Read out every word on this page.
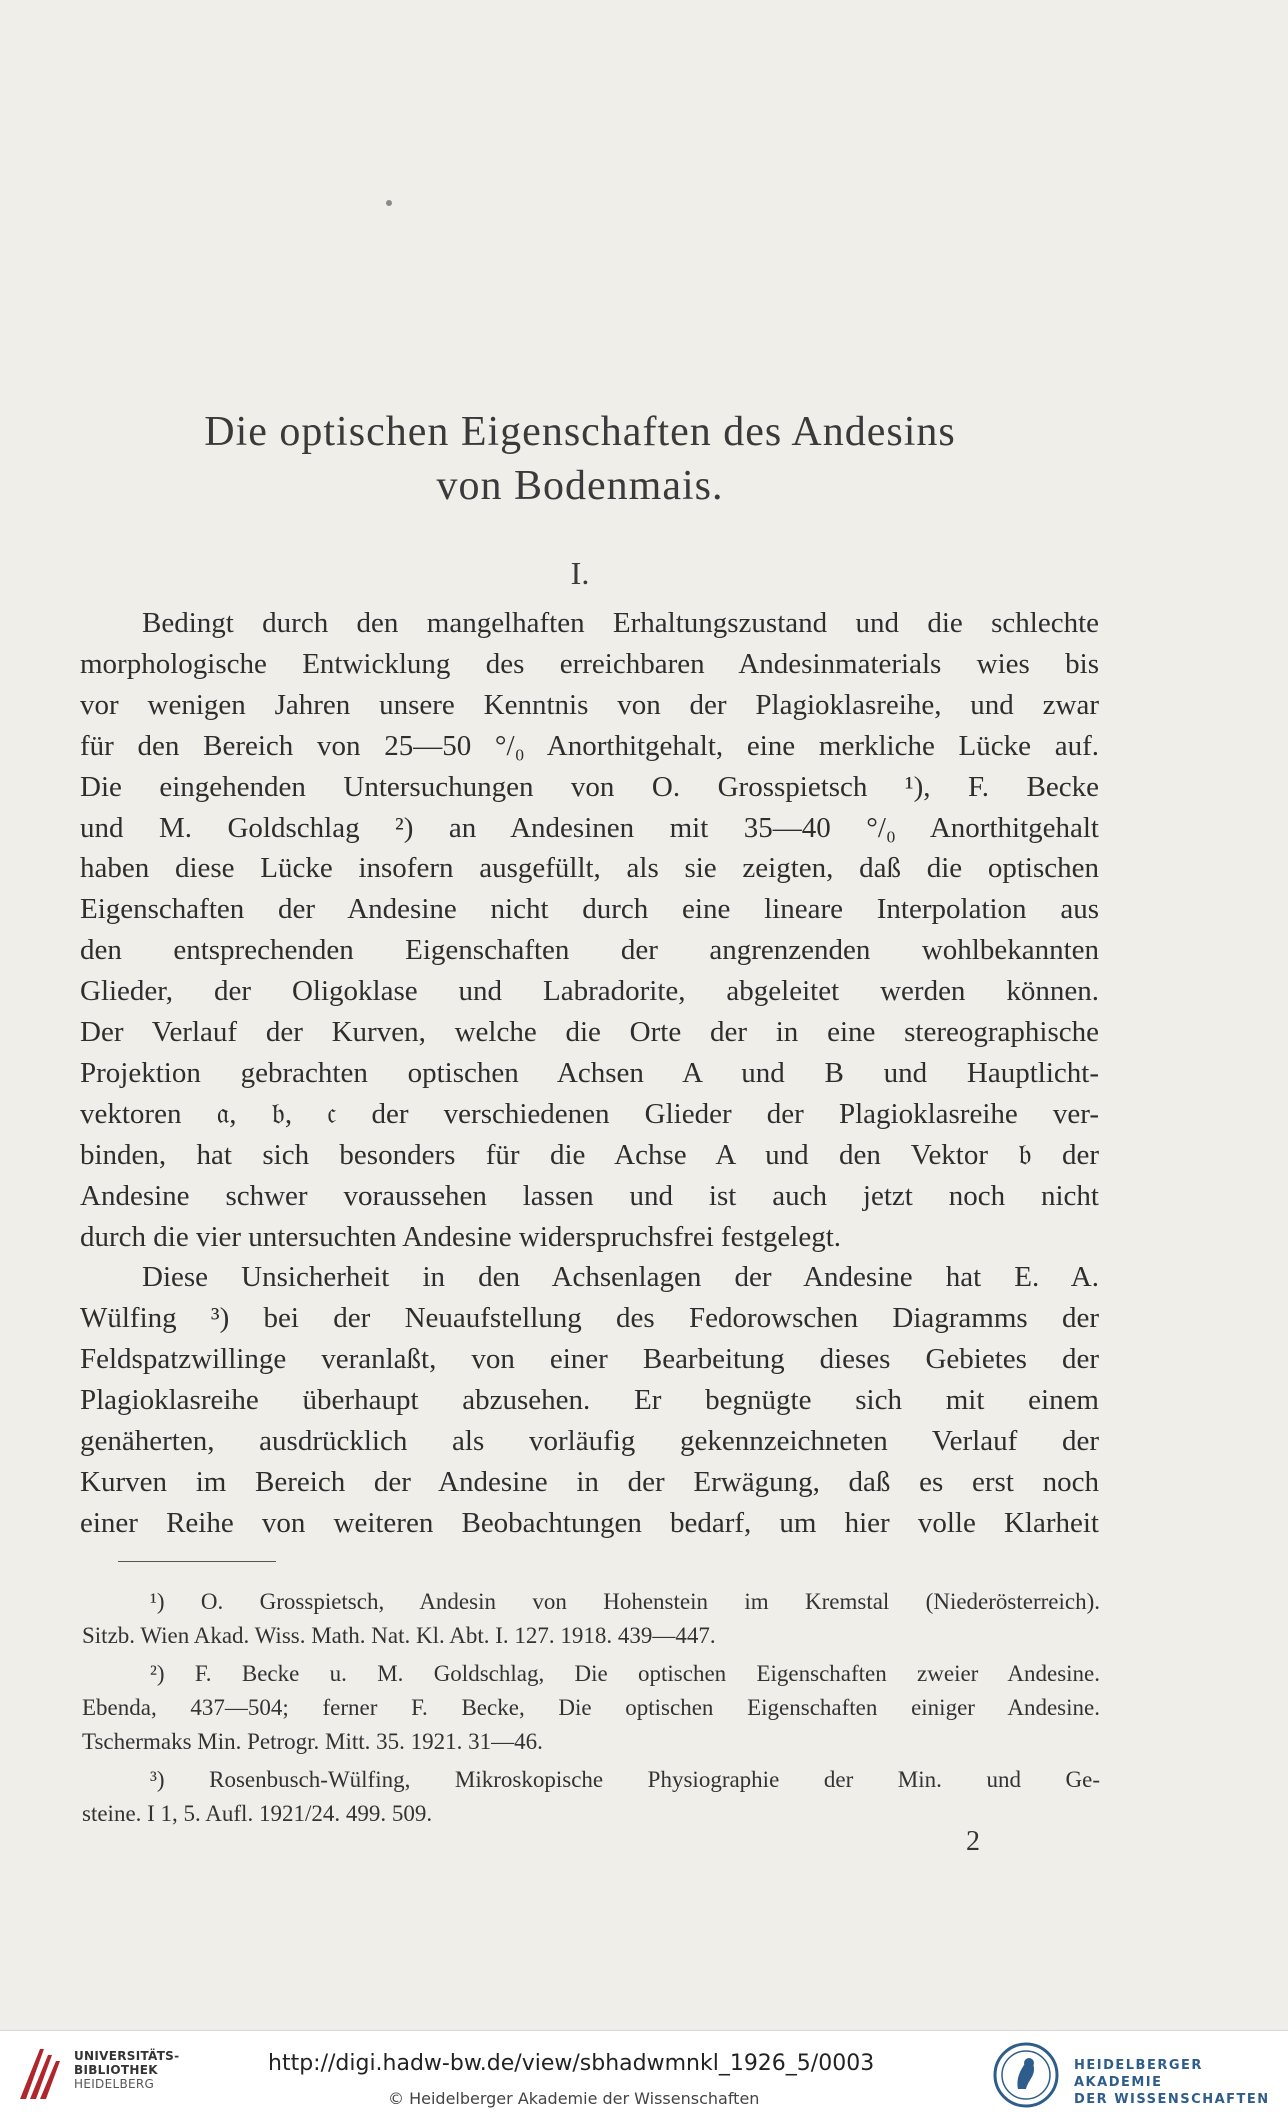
Die optischen Eigenschaften des Andesins
von Bodenmais.
I.
Bedingt durch den mangelhaften Erhaltungszustand und die schlechte
morphologische Entwicklung des erreichbaren Andesinmaterials wies bis
vor wenigen Jahren unsere Kenntnis von der Plagioklasreihe, und zwar
für den Bereich von 25—50 °/₀ Anorthitgehalt, eine merkliche Lücke auf.
Die eingehenden Untersuchungen von O. Grosspietsch ¹), F. Becke
und M. Goldschlag ²) an Andesinen mit 35—40 °/₀ Anorthitgehalt
haben diese Lücke insofern ausgefüllt, als sie zeigten, daß die optischen
Eigenschaften der Andesine nicht durch eine lineare Interpolation aus
den entsprechenden Eigenschaften der angrenzenden wohlbekannten
Glieder, der Oligoklase und Labradorite, abgeleitet werden können.
Der Verlauf der Kurven, welche die Orte der in eine stereographische
Projektion gebrachten optischen Achsen A und B und Hauptlicht-
vektoren 𝔞, 𝔟, 𝔠 der verschiedenen Glieder der Plagioklasreihe ver-
binden, hat sich besonders für die Achse A und den Vektor 𝔟 der
Andesine schwer voraussehen lassen und ist auch jetzt noch nicht
durch die vier untersuchten Andesine widerspruchsfrei festgelegt.
Diese Unsicherheit in den Achsenlagen der Andesine hat E. A.
Wülfing ³) bei der Neuaufstellung des Fedorowschen Diagramms der
Feldspatzwillinge veranlaßt, von einer Bearbeitung dieses Gebietes der
Plagioklasreihe überhaupt abzusehen. Er begnügte sich mit einem
genäherten, ausdrücklich als vorläufig gekennzeichneten Verlauf der
Kurven im Bereich der Andesine in der Erwägung, daß es erst noch
einer Reihe von weiteren Beobachtungen bedarf, um hier volle Klarheit
¹) O. Grosspietsch, Andesin von Hohenstein im Kremstal (Niederösterreich).
Sitzb. Wien Akad. Wiss. Math. Nat. Kl. Abt. I. 127. 1918. 439—447.
²) F. Becke u. M. Goldschlag, Die optischen Eigenschaften zweier Andesine.
Ebenda, 437—504; ferner F. Becke, Die optischen Eigenschaften einiger Andesine.
Tschermaks Min. Petrogr. Mitt. 35. 1921. 31—46.
³) Rosenbusch-Wülfing, Mikroskopische Physiographie der Min. und Ge-
steine. I 1, 5. Aufl. 1921/24. 499. 509.
2
UNIVERSITÄTS-
BIBLIOTHEK
HEIDELBERG
http://digi.hadw-bw.de/view/sbhadwmnkl_1926_5/0003
© Heidelberger Akademie der Wissenschaften
HEIDELBERGER AKADEMIE
DER WISSENSCHAFTEN
